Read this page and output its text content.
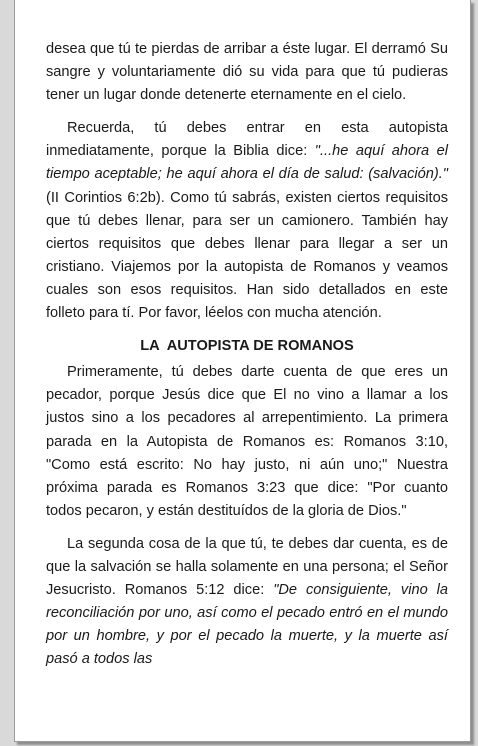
desea que tú te pierdas de arribar a éste lugar. El derramó Su sangre y voluntariamente dió su vida para que tú pudieras tener un lugar donde detenerte eternamente en el cielo.

Recuerda, tú debes entrar en esta autopista inmediatamente, porque la Biblia dice: "...he aquí ahora el tiempo aceptable; he aquí ahora el día de salud: (salvación)." (II Corintios 6:2b). Como tú sabrás, existen ciertos requisitos que tú debes llenar, para ser un camionero. También hay ciertos requisitos que debes llenar para llegar a ser un cristiano. Viajemos por la autopista de Romanos y veamos cuales son esos requisitos. Han sido detallados en este folleto para tí. Por favor, léelos con mucha atención.

LA  AUTOPISTA DE ROMANOS

Primeramente, tú debes darte cuenta de que eres un pecador, porque Jesús dice que El no vino a llamar a los justos sino a los pecadores al arrepentimiento. La primera parada en la Autopista de Romanos es: Romanos 3:10, "Como está escrito: No hay justo, ni aún uno;" Nuestra próxima parada es Romanos 3:23 que dice: "Por cuanto todos pecaron, y están destituídos de la gloria de Dios."

La segunda cosa de la que tú, te debes dar cuenta, es de que la salvación se halla solamente en una persona; el Señor Jesucristo. Romanos 5:12 dice: "De consiguiente, vino la reconciliación por uno, así como el pecado entró en el mundo por un hombre, y por el pecado la muerte, y la muerte así pasó a todos las
